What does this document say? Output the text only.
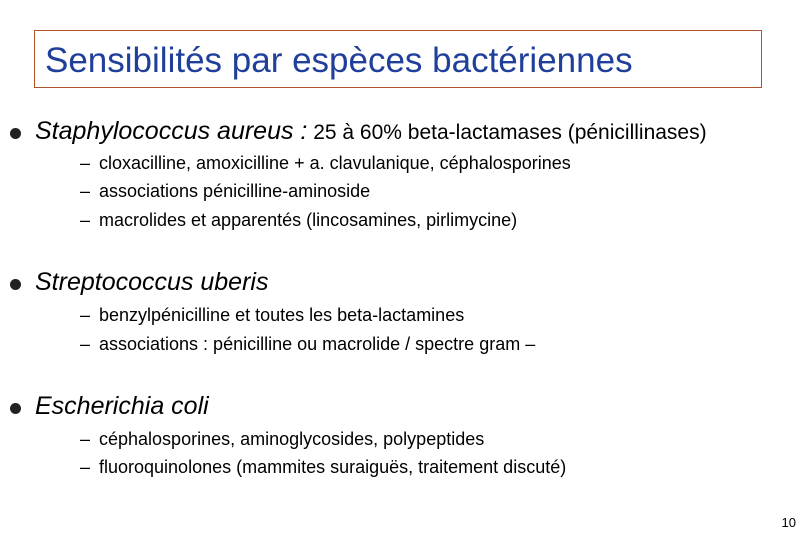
Sensibilités par espèces bactériennes
Staphylococcus aureus : 25 à 60% beta-lactamases (pénicillinases)
– cloxacilline, amoxicilline + a. clavulanique, céphalosporines
– associations pénicilline-aminoside
– macrolides et apparentés (lincosamines, pirlimycine)
Streptococcus uberis
– benzylpénicilline et toutes les beta-lactamines
– associations : pénicilline ou macrolide / spectre gram –
Escherichia coli
– céphalosporines, aminoglycosides, polypeptides
– fluoroquinolones (mammites suraiguës, traitement discuté)
10
